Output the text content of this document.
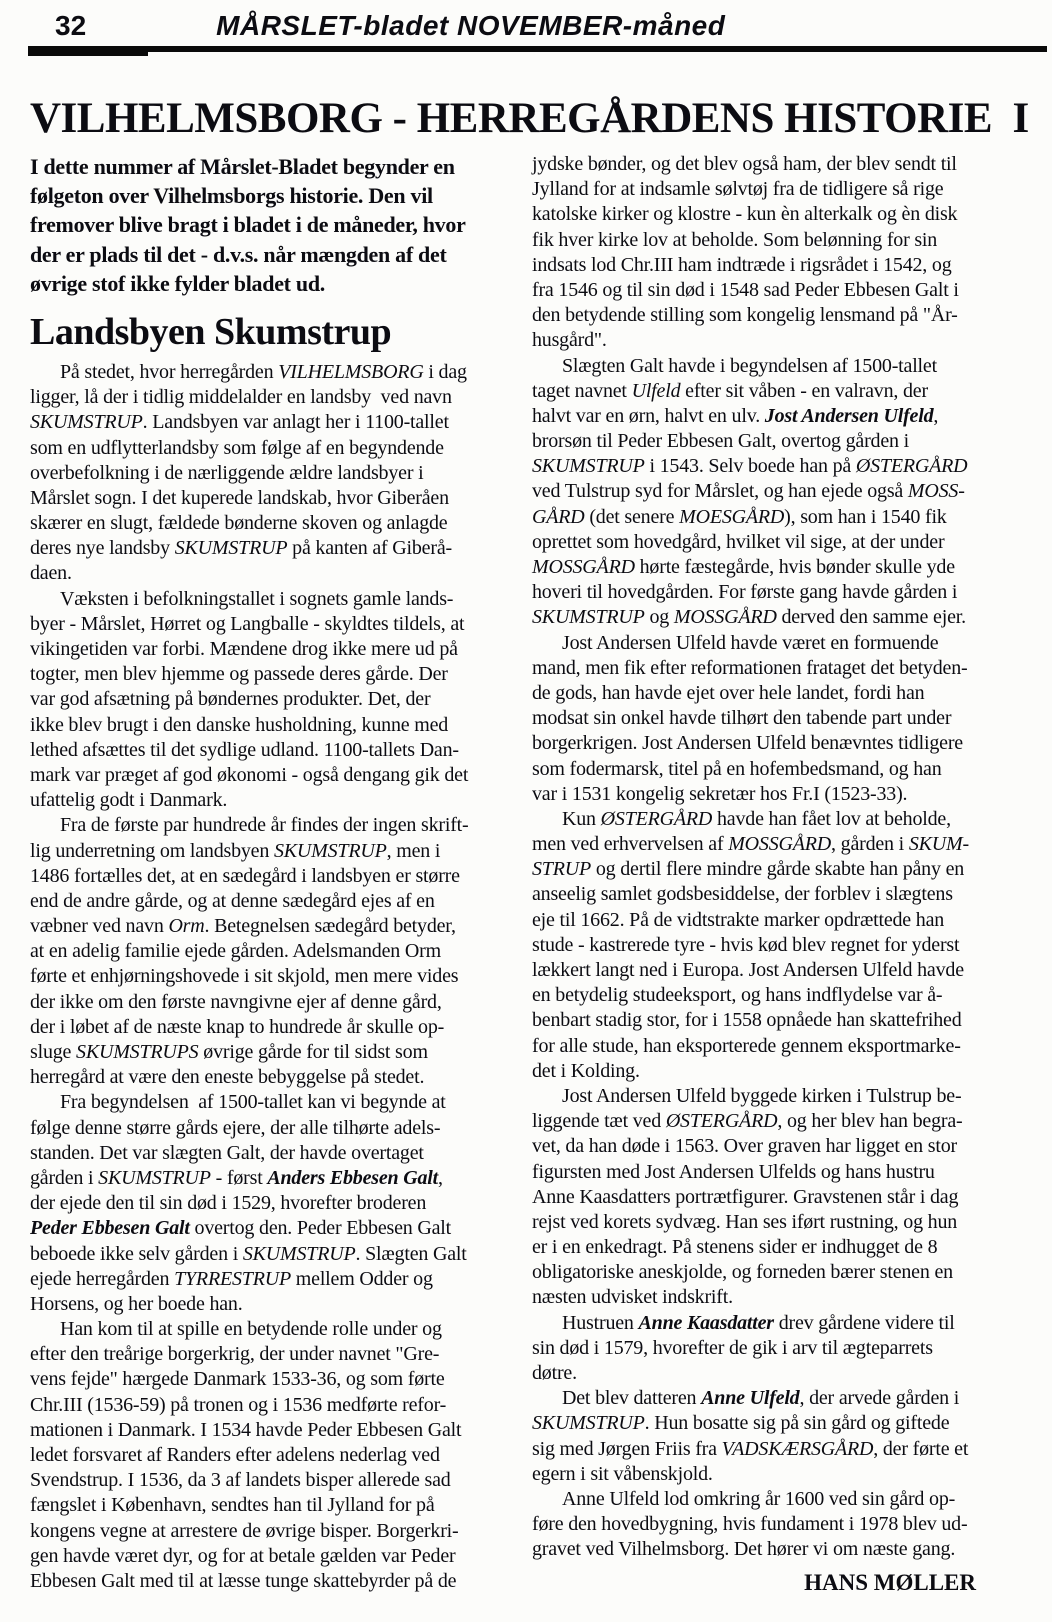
32	MÅRSLET-bladet NOVEMBER-måned
VILHELMSBORG - HERREGÅRDENS HISTORIE  I
I dette nummer af Mårslet-Bladet begynder en
følgeton over Vilhelmsborgs historie. Den vil
fremover blive bragt i bladet i de måneder, hvor
der er plads til det - d.v.s. når mængden af det
øvrige stof ikke fylder bladet ud.
Landsbyen Skumstrup
På stedet, hvor herregården VILHELMSBORG i dag
ligger, lå der i tidlig middelalder en landsby  ved navn
SKUMSTRUP. Landsbyen var anlagt her i 1100-tallet
som en udflytterlandsby som følge af en begyndende
overbefolkning i de nærliggende ældre landsbyer i
Mårslet sogn. I det kuperede landskab, hvor Giberåen
skærer en slugt, fældede bønderne skoven og anlagde
deres nye landsby SKUMSTRUP på kanten af Giberå-
daen.
Væksten i befolkningstallet i sognets gamle lands-
byer - Mårslet, Hørret og Langballe - skyldtes tildels, at
vikingetiden var forbi. Mændene drog ikke mere ud på
togter, men blev hjemme og passede deres gårde. Der
var god afsætning på bøndernes produkter. Det, der
ikke blev brugt i den danske husholdning, kunne med
lethed afsættes til det sydlige udland. 1100-tallets Dan-
mark var præget af god økonomi - også dengang gik det
ufattelig godt i Danmark.
Fra de første par hundrede år findes der ingen skrift-
lig underretning om landsbyen SKUMSTRUP, men i
1486 fortælles det, at en sædegård i landsbyen er større
end de andre gårde, og at denne sædegård ejes af en
væbner ved navn Orm. Betegnelsen sædegård betyder,
at en adelig familie ejede gården. Adelsmanden Orm
førte et enhjørningshovede i sit skjold, men mere vides
der ikke om den første navngivne ejer af denne gård,
der i løbet af de næste knap to hundrede år skulle op-
sluge SKUMSTRUPS øvrige gårde for til sidst som
herregård at være den eneste bebyggelse på stedet.
Fra begyndelsen  af 1500-tallet kan vi begynde at
følge denne større gårds ejere, der alle tilhørte adels-
standen. Det var slægten Galt, der havde overtaget
gården i SKUMSTRUP - først Anders Ebbesen Galt,
der ejede den til sin død i 1529, hvorefter broderen
Peder Ebbesen Galt overtog den. Peder Ebbesen Galt
beboede ikke selv gården i SKUMSTRUP. Slægten Galt
ejede herregården TYRRESTRUP mellem Odder og
Horsens, og her boede han.
Han kom til at spille en betydende rolle under og
efter den treårige borgerkrig, der under navnet "Gre-
vens fejde" hærgede Danmark 1533-36, og som førte
Chr.III (1536-59) på tronen og i 1536 medførte refor-
mationen i Danmark. I 1534 havde Peder Ebbesen Galt
ledet forsvaret af Randers efter adelens nederlag ved
Svendstrup. I 1536, da 3 af landets bisper allerede sad
fængslet i København, sendtes han til Jylland for på
kongens vegne at arrestere de øvrige bisper. Borgerkri-
gen havde været dyr, og for at betale gælden var Peder
Ebbesen Galt med til at læsse tunge skattebyrder på de
jydske bønder, og det blev også ham, der blev sendt til
Jylland for at indsamle sølvtøj fra de tidligere så rige
katolske kirker og klostre - kun èn alterkalk og èn disk
fik hver kirke lov at beholde. Som belønning for sin
indsats lod Chr.III ham indtræde i rigsrådet i 1542, og
fra 1546 og til sin død i 1548 sad Peder Ebbesen Galt i
den betydende stilling som kongelig lensmand på "År-
husgård".
Slægten Galt havde i begyndelsen af 1500-tallet
taget navnet Ulfeld efter sit våben - en valravn, der
halvt var en ørn, halvt en ulv. Jost Andersen Ulfeld,
brorsøn til Peder Ebbesen Galt, overtog gården i
SKUMSTRUP i 1543. Selv boede han på ØSTERGÅRD
ved Tulstrup syd for Mårslet, og han ejede også MOSS-
GÅRD (det senere MOESGÅRD), som han i 1540 fik
oprettet som hovedgård, hvilket vil sige, at der under
MOSSGÅRD hørte fæstegårde, hvis bønder skulle yde
hoveri til hovedgården. For første gang havde gården i
SKUMSTRUP og MOSSGÅRD derved den samme ejer.
Jost Andersen Ulfeld havde været en formuende
mand, men fik efter reformationen frataget det betyden-
de gods, han havde ejet over hele landet, fordi han
modsat sin onkel havde tilhørt den tabende part under
borgerkrigen. Jost Andersen Ulfeld benævntes tidligere
som fodermarsk, titel på en hofembedsmand, og han
var i 1531 kongelig sekretær hos Fr.I (1523-33).
Kun ØSTERGÅRD havde han fået lov at beholde,
men ved erhvervelsen af MOSSGÅRD, gården i SKUM-
STRUP og dertil flere mindre gårde skabte han påny en
anseelig samlet godsbesiddelse, der forblev i slægtens
eje til 1662. På de vidtstrakte marker opdrættede han
stude - kastrerede tyre - hvis kød blev regnet for yderst
lækkert langt ned i Europa. Jost Andersen Ulfeld havde
en betydelig studeeksport, og hans indflydelse var å-
benbart stadig stor, for i 1558 opnåede han skattefrihed
for alle stude, han eksporterede gennem eksportmarke-
det i Kolding.
Jost Andersen Ulfeld byggede kirken i Tulstrup be-
liggende tæt ved ØSTERGÅRD, og her blev han begra-
vet, da han døde i 1563. Over graven har ligget en stor
figursten med Jost Andersen Ulfelds og hans hustru
Anne Kaasdatters portrætfigurer. Gravstenen står i dag
rejst ved korets sydvæg. Han ses iført rustning, og hun
er i en enkedragt. På stenens sider er indhugget de 8
obligatoriske aneskjolde, og forneden bærer stenen en
næsten udvisket indskrift.
Hustruen Anne Kaasdatter drev gårdene videre til
sin død i 1579, hvorefter de gik i arv til ægteparrets
døtre.
Det blev datteren Anne Ulfeld, der arvede gården i
SKUMSTRUP. Hun bosatte sig på sin gård og giftede
sig med Jørgen Friis fra VADSKÆRSGÅRD, der førte et
egern i sit våbenskjold.
Anne Ulfeld lod omkring år 1600 ved sin gård op-
føre den hovedbygning, hvis fundament i 1978 blev ud-
gravet ved Vilhelmsborg. Det hører vi om næste gang.
HANS MØLLER
